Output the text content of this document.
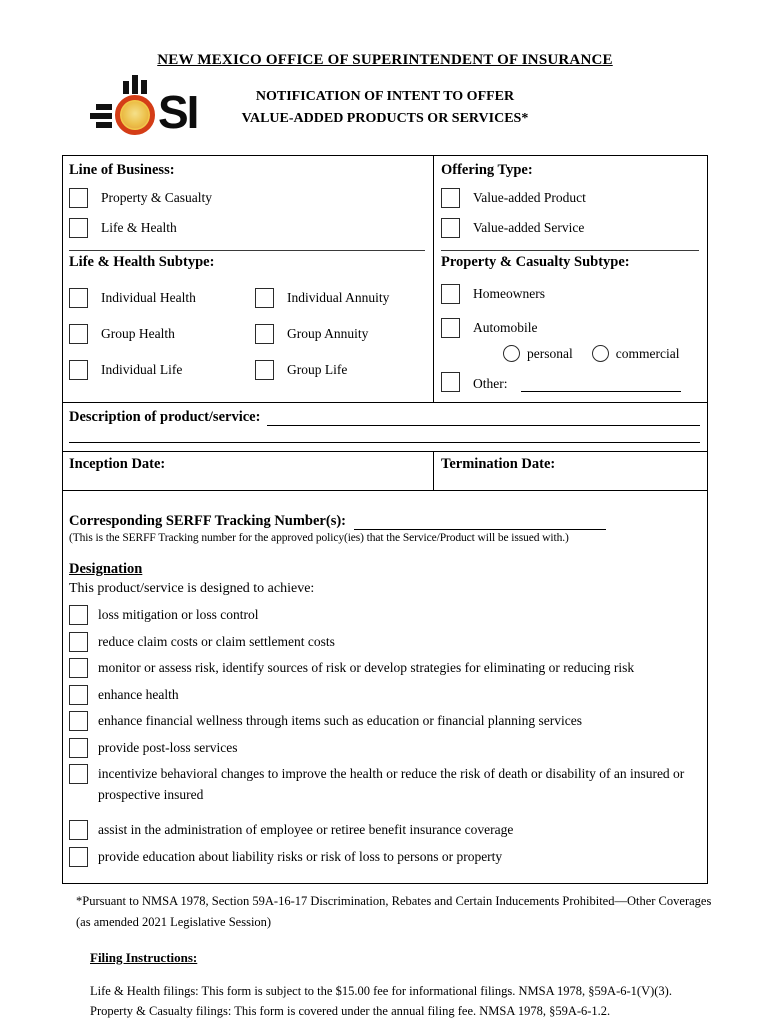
NEW MEXICO OFFICE OF SUPERINTENDENT OF INSURANCE
SI	NOTIFICATION OF INTENT TO OFFER
VALUE-ADDED PRODUCTS OR SERVICES*
Line of Business:
Property & Casualty
Life & Health
Life & Health Subtype:
Individual Health	Individual Annuity
Group Health	Group Annuity
Individual Life	Group Life
Offering Type:
Value-added Product
Value-added Service
Property & Casualty Subtype:
Homeowners
Automobile
personal	commercial
Other:
Description of product/service:
Inception Date:	Termination Date:
Corresponding SERFF Tracking Number(s):
(This is the SERFF Tracking number for the approved policy(ies) that the Service/Product will be issued with.)
Designation
This product/service is designed to achieve:
loss mitigation or loss control
reduce claim costs or claim settlement costs
monitor or assess risk, identify sources of risk or develop strategies for eliminating or reducing risk
enhance health
enhance financial wellness through items such as education or financial planning services
provide post-loss services
incentivize behavioral changes to improve the health or reduce the risk of death or disability of an insured or prospective insured
assist in the administration of employee or retiree benefit insurance coverage
provide education about liability risks or risk of loss to persons or property
*Pursuant to NMSA 1978, Section 59A-16-17 Discrimination, Rebates and Certain Inducements Prohibited—Other Coverages (as amended 2021 Legislative Session)
Filing Instructions:
Life & Health filings: This form is subject to the $15.00 fee for informational filings. NMSA 1978, §59A-6-1(V)(3).
Property & Casualty filings: This form is covered under the annual filing fee. NMSA 1978, §59A-6-1.2.
